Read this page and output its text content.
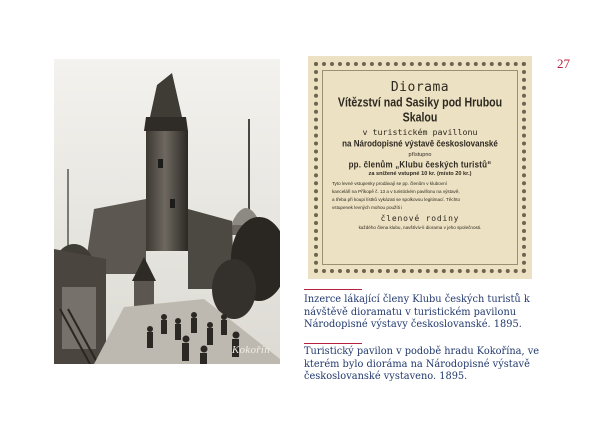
27
Kokořín
Diorama
Vítězství nad Sasiky pod Hrubou Skalou
v turistickém pavillonu
na Národopisné výstavě českoslovanské
přístupno
pp. členům „Klubu českých turistů“
za snížené vstupné 10 kr. (místo 20 kr.)
Tyto levné vstupenky prodávají se pp. členům v klubovní
kanceláři na Příkopě č. 13 a v turistickém pavillonu na výstavě,
a třeba při koupi lístků vykázati se spolkovou legitimací. Těchto
vstupenek levných mohou použíti i
členové rodiny
každého člena klubu, navštíviv-li diorama v jeho společnosti.

Inzerce lákající členy Klubu českých turistů k návštěvě dioramatu v turistickém pavilonu Národopisné výstavy českoslovanské. 1895.

Turistický pavilon v podobě hradu Kokořína, ve kterém bylo dioráma na Národopisné výstavě českoslovanské vystaveno. 1895.
